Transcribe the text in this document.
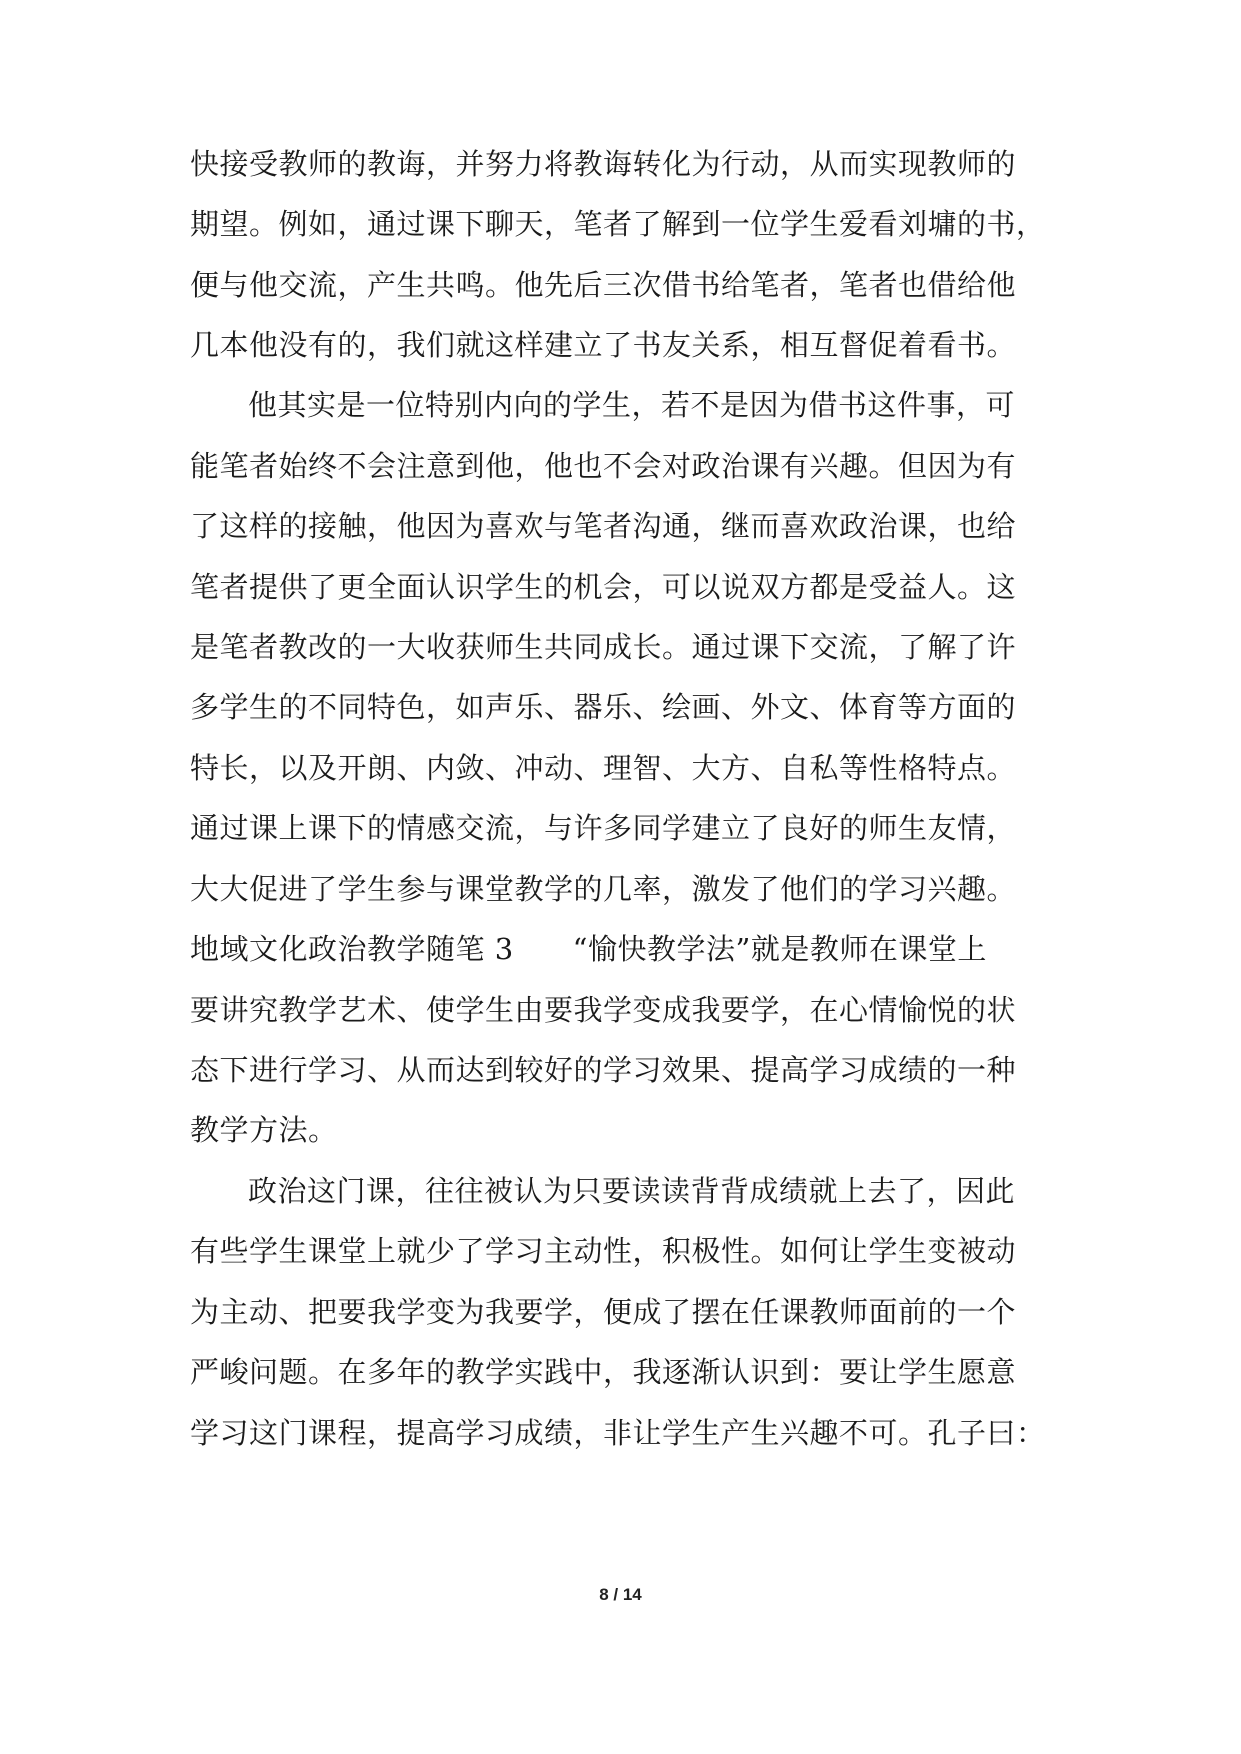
快接受教师的教诲，并努力将教诲转化为行动，从而实现教师的
期望。例如，通过课下聊天，笔者了解到一位学生爱看刘墉的书，
便与他交流，产生共鸣。他先后三次借书给笔者，笔者也借给他
几本他没有的，我们就这样建立了书友关系，相互督促着看书。
他其实是一位特别内向的学生，若不是因为借书这件事，可
能笔者始终不会注意到他，他也不会对政治课有兴趣。但因为有
了这样的接触，他因为喜欢与笔者沟通，继而喜欢政治课，也给
笔者提供了更全面认识学生的机会，可以说双方都是受益人。这
是笔者教改的一大收获师生共同成长。通过课下交流，了解了许
多学生的不同特色，如声乐、器乐、绘画、外文、体育等方面的
特长，以及开朗、内敛、冲动、理智、大方、自私等性格特点。
通过课上课下的情感交流，与许多同学建立了良好的师生友情，
大大促进了学生参与课堂教学的几率，激发了他们的学习兴趣。
地域文化政治教学随笔 3　　“愉快教学法”就是教师在课堂上
要讲究教学艺术、使学生由要我学变成我要学，在心情愉悦的状
态下进行学习、从而达到较好的学习效果、提高学习成绩的一种
教学方法。
政治这门课，往往被认为只要读读背背成绩就上去了，因此
有些学生课堂上就少了学习主动性，积极性。如何让学生变被动
为主动、把要我学变为我要学，便成了摆在任课教师面前的一个
严峻问题。在多年的教学实践中，我逐渐认识到：要让学生愿意
学习这门课程，提高学习成绩，非让学生产生兴趣不可。孔子曰：
8 / 14
